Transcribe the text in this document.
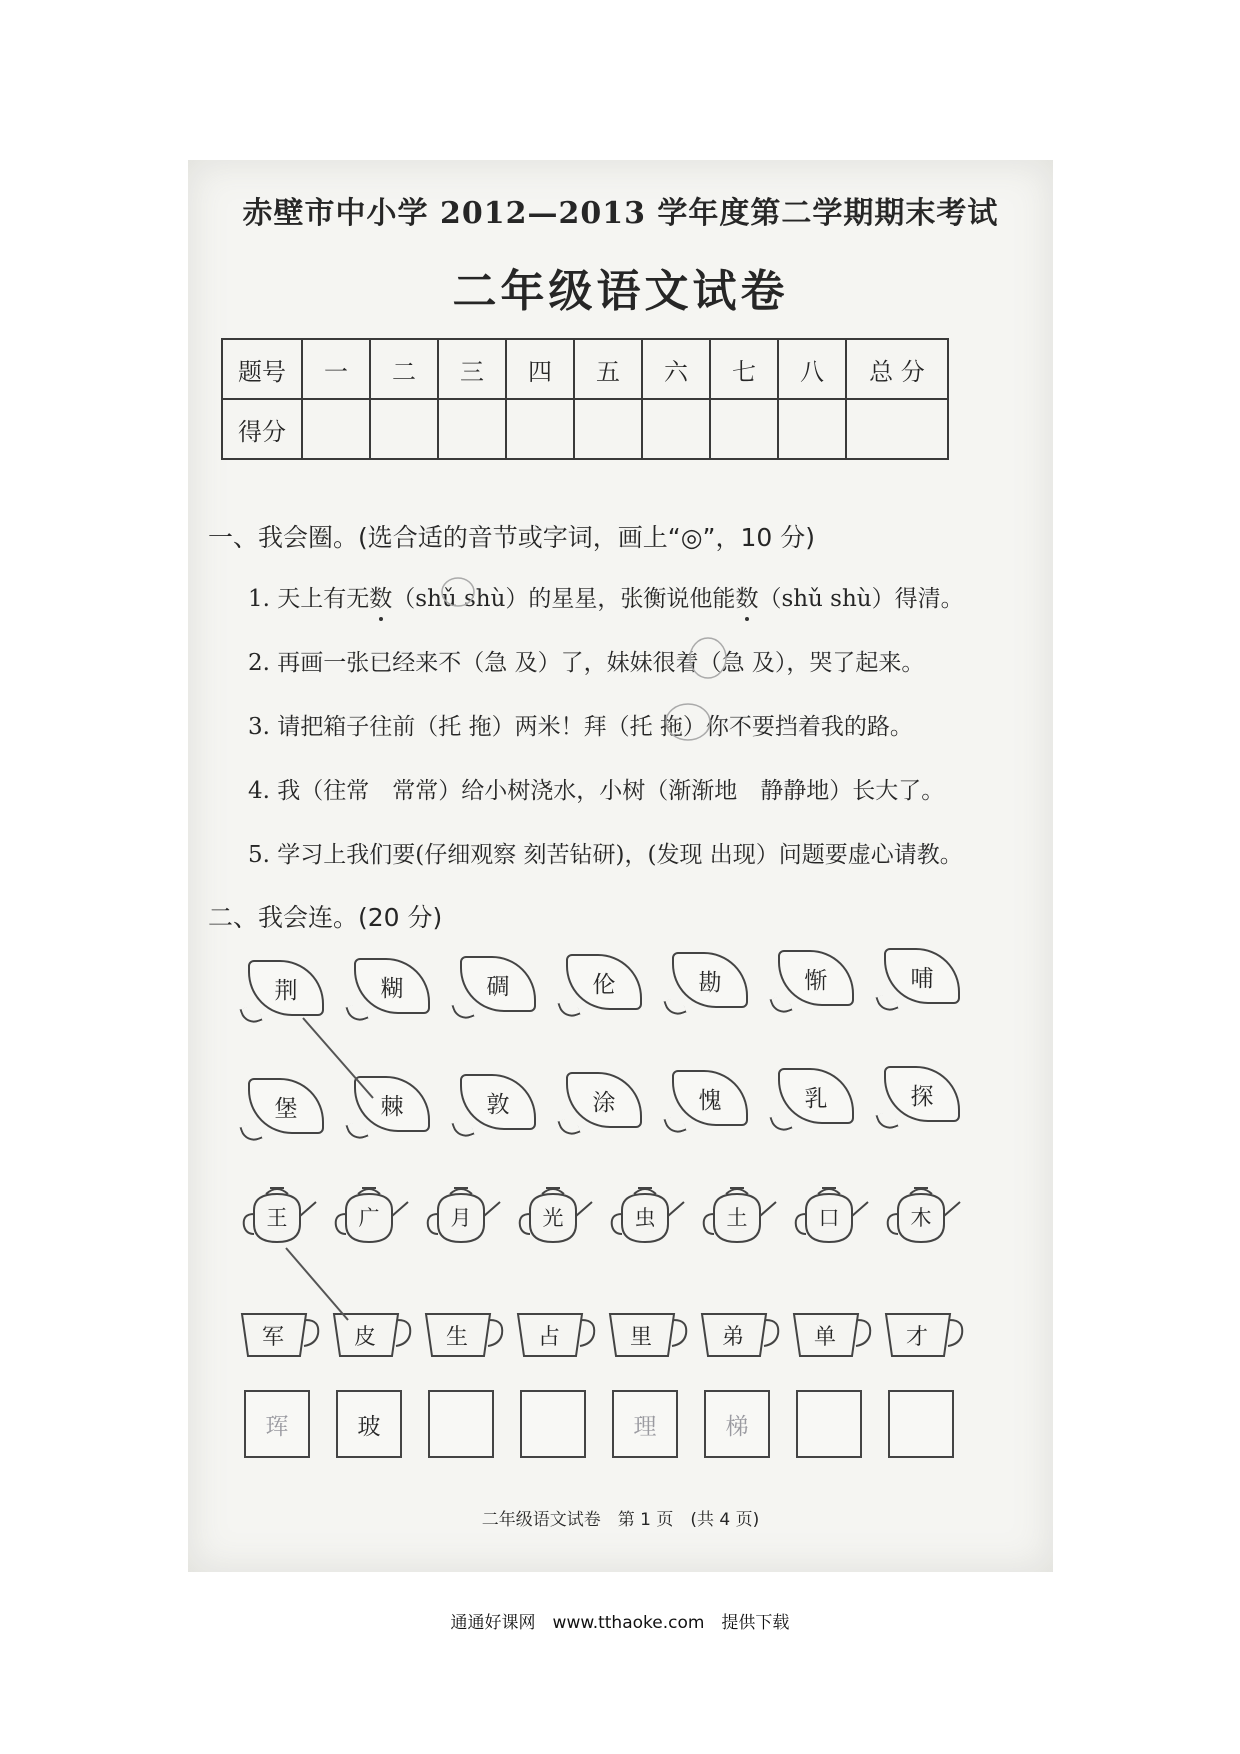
赤壁市中小学 2012—2013 学年度第二学期期末考试
二年级语文试卷
题号	一	二	三	四	五	六	七	八	总 分
得分									
一、我会圈。(选合适的音节或字词，画上“◎”，10 分)
1. 天上有无数（shǔ shù）的星星，张衡说他能数（shǔ shù）得清。
2. 再画一张已经来不（急 及）了，妹妹很着（急 及），哭了起来。
3. 请把箱子往前（托 拖）两米！拜（托 拖）你不要挡着我的路。
4. 我（往常　常常）给小树浇水，小树（渐渐地　静静地）长大了。
5. 学习上我们要(仔细观察 刻苦钻研)，(发现 出现）问题要虚心请教。
二、我会连。(20 分)
荆	糊	碉	伦	勘	惭	哺
堡	棘	敦	涂	愧	乳	探
王	广	月	光	虫	土	口	木
军	皮	生	占	里	弟	单	才
珲	玻	理	梯
二年级语文试卷　第 1 页　(共 4 页)
通通好课网　www.tthaoke.com　提供下载
